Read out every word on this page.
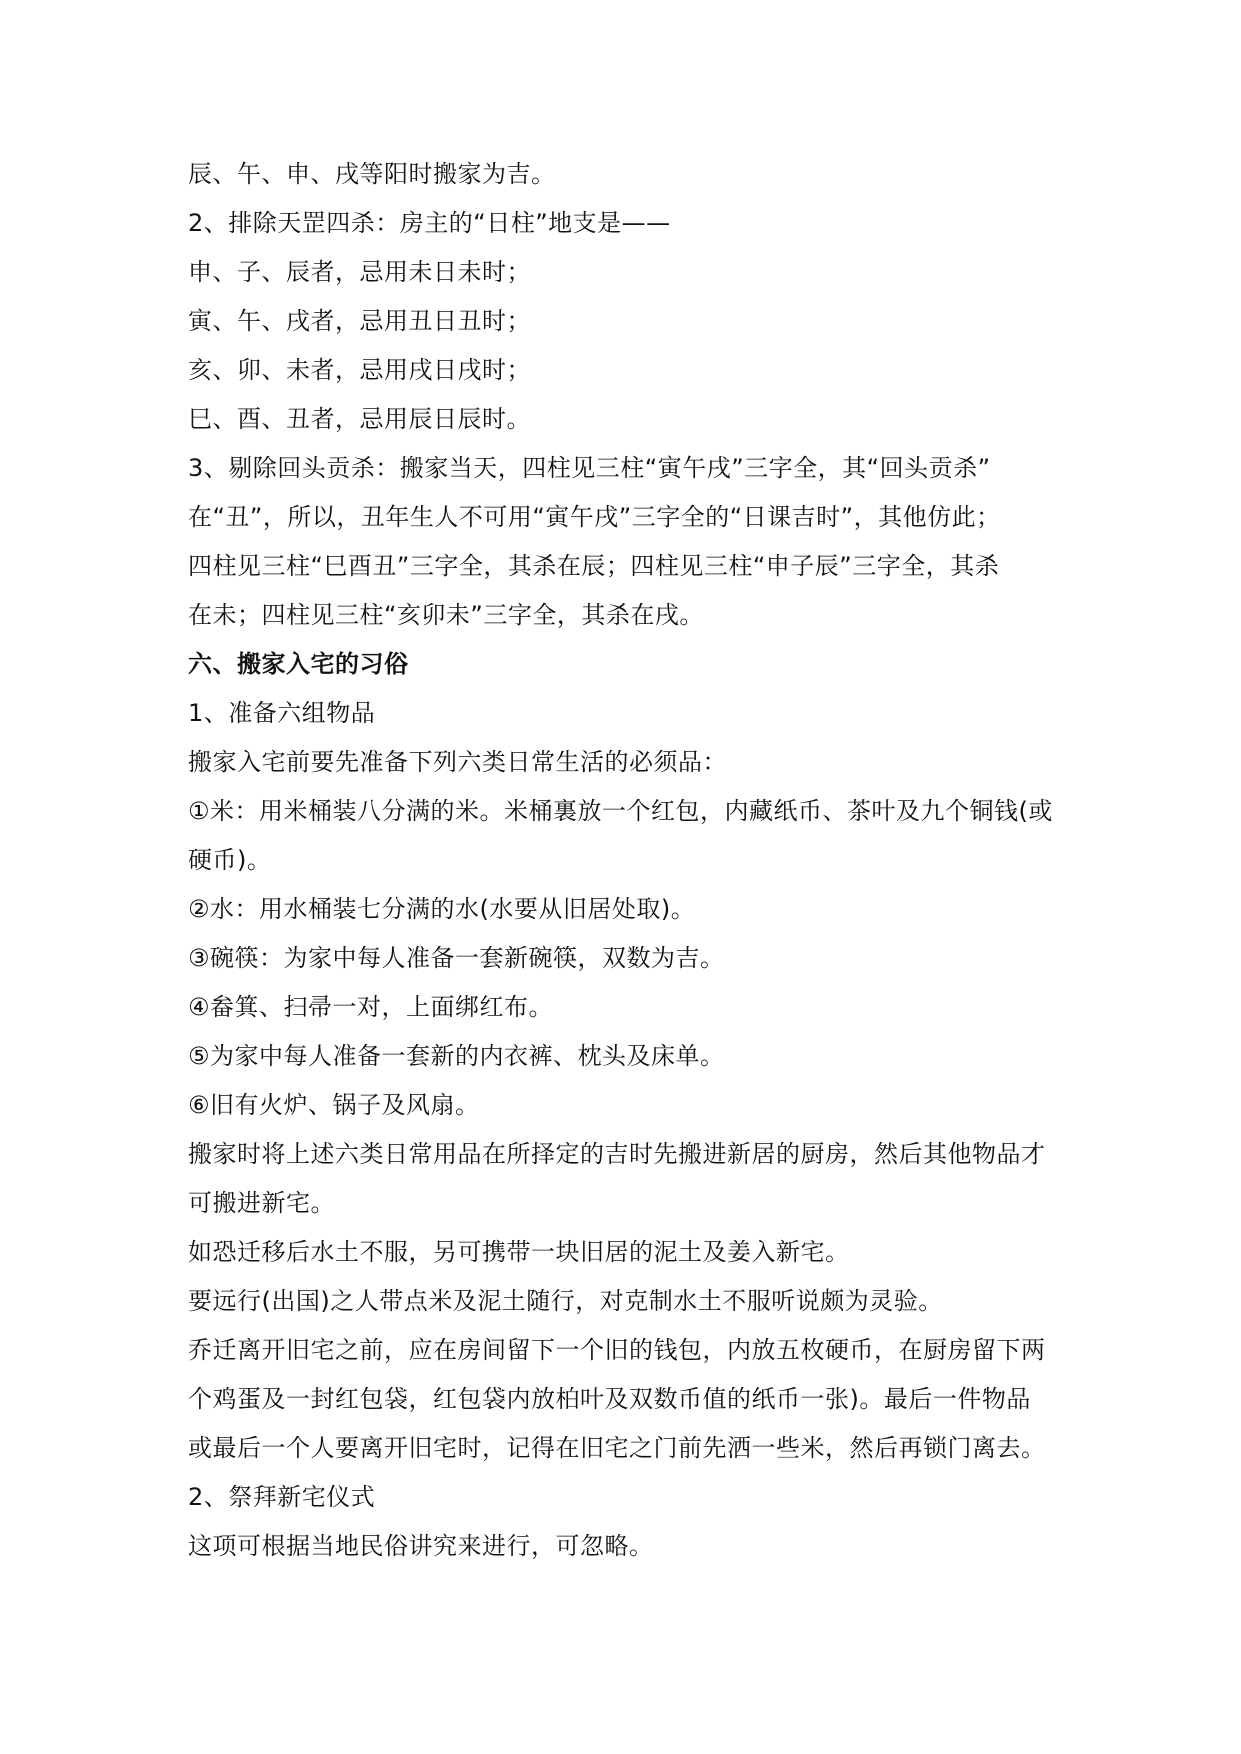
辰、午、申、戌等阳时搬家为吉。
2、排除天罡四杀：房主的“日柱”地支是——
申、子、辰者，忌用未日未时；
寅、午、戌者，忌用丑日丑时；
亥、卯、未者，忌用戌日戌时；
巳、酉、丑者，忌用辰日辰时。
3、剔除回头贡杀：搬家当天，四柱见三柱“寅午戌”三字全，其“回头贡杀”
在“丑”，所以，丑年生人不可用“寅午戌”三字全的“日课吉时”，其他仿此；
四柱见三柱“巳酉丑”三字全，其杀在辰；四柱见三柱“申子辰”三字全，其杀
在未；四柱见三柱“亥卯未”三字全，其杀在戌。
六、搬家入宅的习俗
1、准备六组物品
搬家入宅前要先准备下列六类日常生活的必须品：
①米：用米桶装八分满的米。米桶裏放一个红包，内藏纸币、茶叶及九个铜钱(或
硬币)。
②水：用水桶装七分满的水(水要从旧居处取)。
③碗筷：为家中每人准备一套新碗筷，双数为吉。
④畚箕、扫帚一对，上面绑红布。
⑤为家中每人准备一套新的内衣裤、枕头及床单。
⑥旧有火炉、锅子及风扇。
搬家时将上述六类日常用品在所择定的吉时先搬进新居的厨房，然后其他物品才
可搬进新宅。
如恐迁移后水土不服，另可携带一块旧居的泥土及姜入新宅。
要远行(出国)之人带点米及泥土随行，对克制水土不服听说颇为灵验。
乔迁离开旧宅之前，应在房间留下一个旧的钱包，内放五枚硬币，在厨房留下两
个鸡蛋及一封红包袋，红包袋内放柏叶及双数币值的纸币一张)。最后一件物品
或最后一个人要离开旧宅时，记得在旧宅之门前先洒一些米，然后再锁门离去。
2、祭拜新宅仪式
这项可根据当地民俗讲究来进行，可忽略。
